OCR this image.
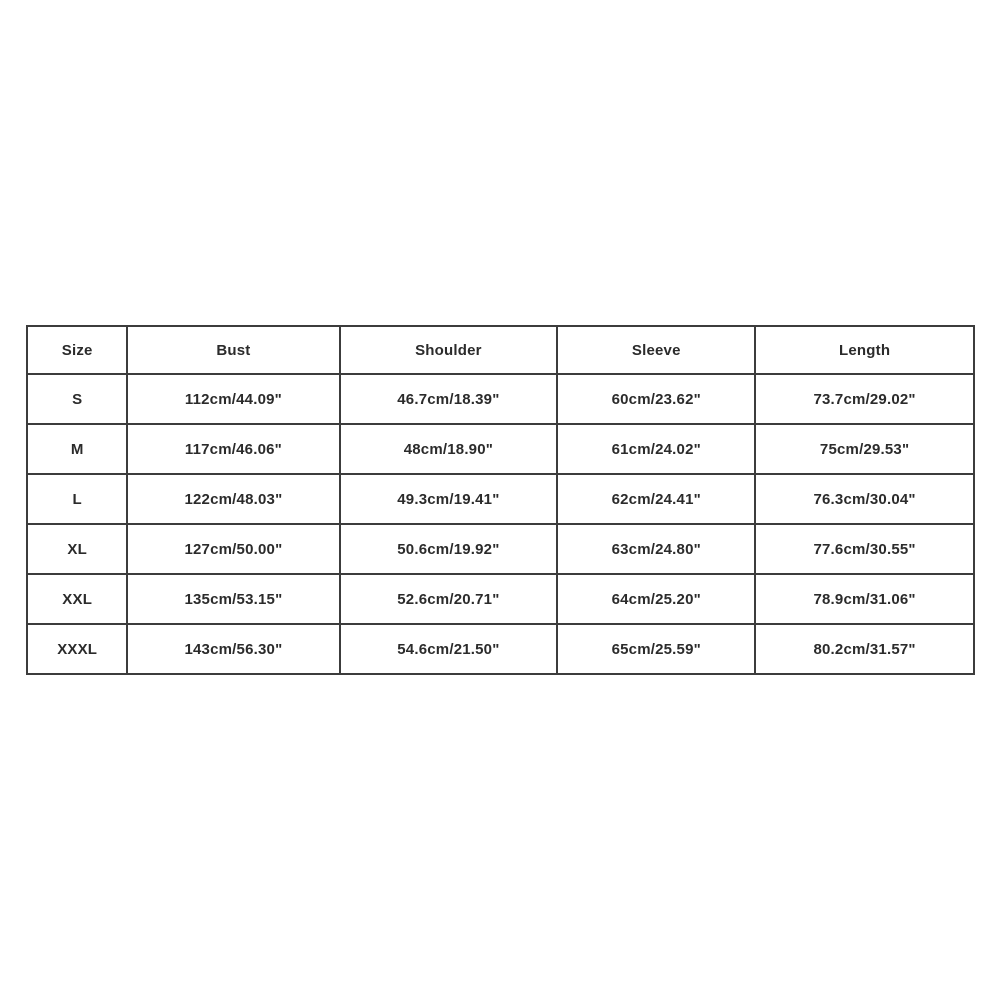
Size	Bust	Shoulder	Sleeve	Length
S	112cm/44.09"	46.7cm/18.39"	60cm/23.62"	73.7cm/29.02"
M	117cm/46.06"	48cm/18.90"	61cm/24.02"	75cm/29.53"
L	122cm/48.03"	49.3cm/19.41"	62cm/24.41"	76.3cm/30.04"
XL	127cm/50.00"	50.6cm/19.92"	63cm/24.80"	77.6cm/30.55"
XXL	135cm/53.15"	52.6cm/20.71"	64cm/25.20"	78.9cm/31.06"
XXXL	143cm/56.30"	54.6cm/21.50"	65cm/25.59"	80.2cm/31.57"
